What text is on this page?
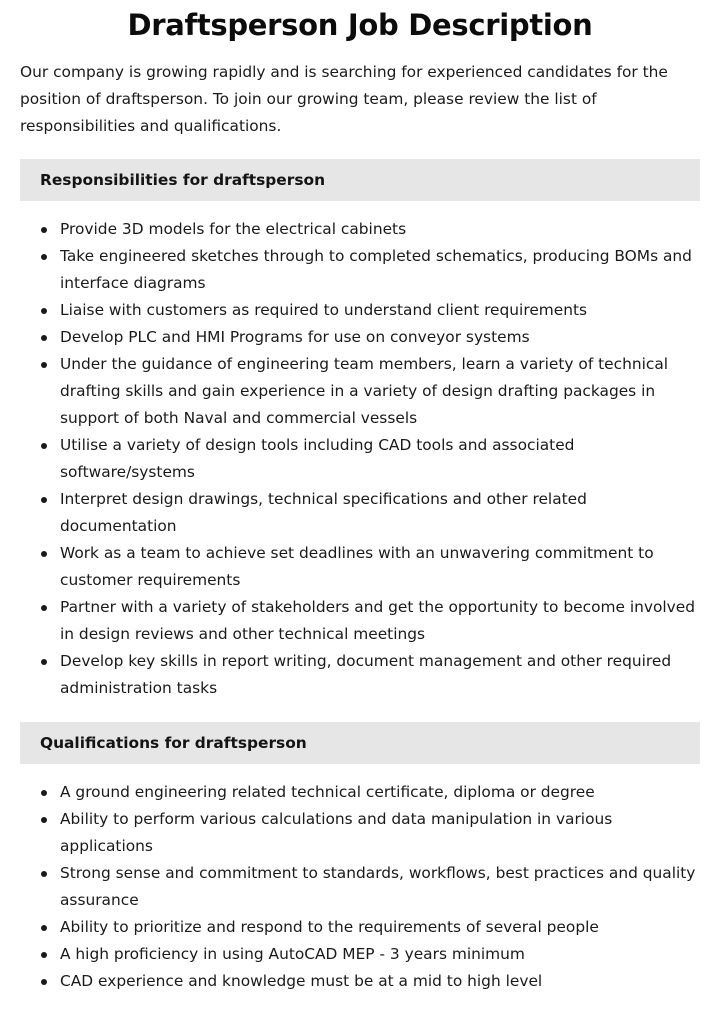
Draftsperson Job Description

Our company is growing rapidly and is searching for experienced candidates for the position of draftsperson. To join our growing team, please review the list of responsibilities and qualifications.

Responsibilities for draftsperson
Provide 3D models for the electrical cabinets
Take engineered sketches through to completed schematics, producing BOMs and interface diagrams
Liaise with customers as required to understand client requirements
Develop PLC and HMI Programs for use on conveyor systems
Under the guidance of engineering team members, learn a variety of technical drafting skills and gain experience in a variety of design drafting packages in support of both Naval and commercial vessels
Utilise a variety of design tools including CAD tools and associated software/systems
Interpret design drawings, technical specifications and other related documentation
Work as a team to achieve set deadlines with an unwavering commitment to customer requirements
Partner with a variety of stakeholders and get the opportunity to become involved in design reviews and other technical meetings
Develop key skills in report writing, document management and other required administration tasks
Qualifications for draftsperson
A ground engineering related technical certificate, diploma or degree
Ability to perform various calculations and data manipulation in various applications
Strong sense and commitment to standards, workflows, best practices and quality assurance
Ability to prioritize and respond to the requirements of several people
A high proficiency in using AutoCAD MEP - 3 years minimum
CAD experience and knowledge must be at a mid to high level
